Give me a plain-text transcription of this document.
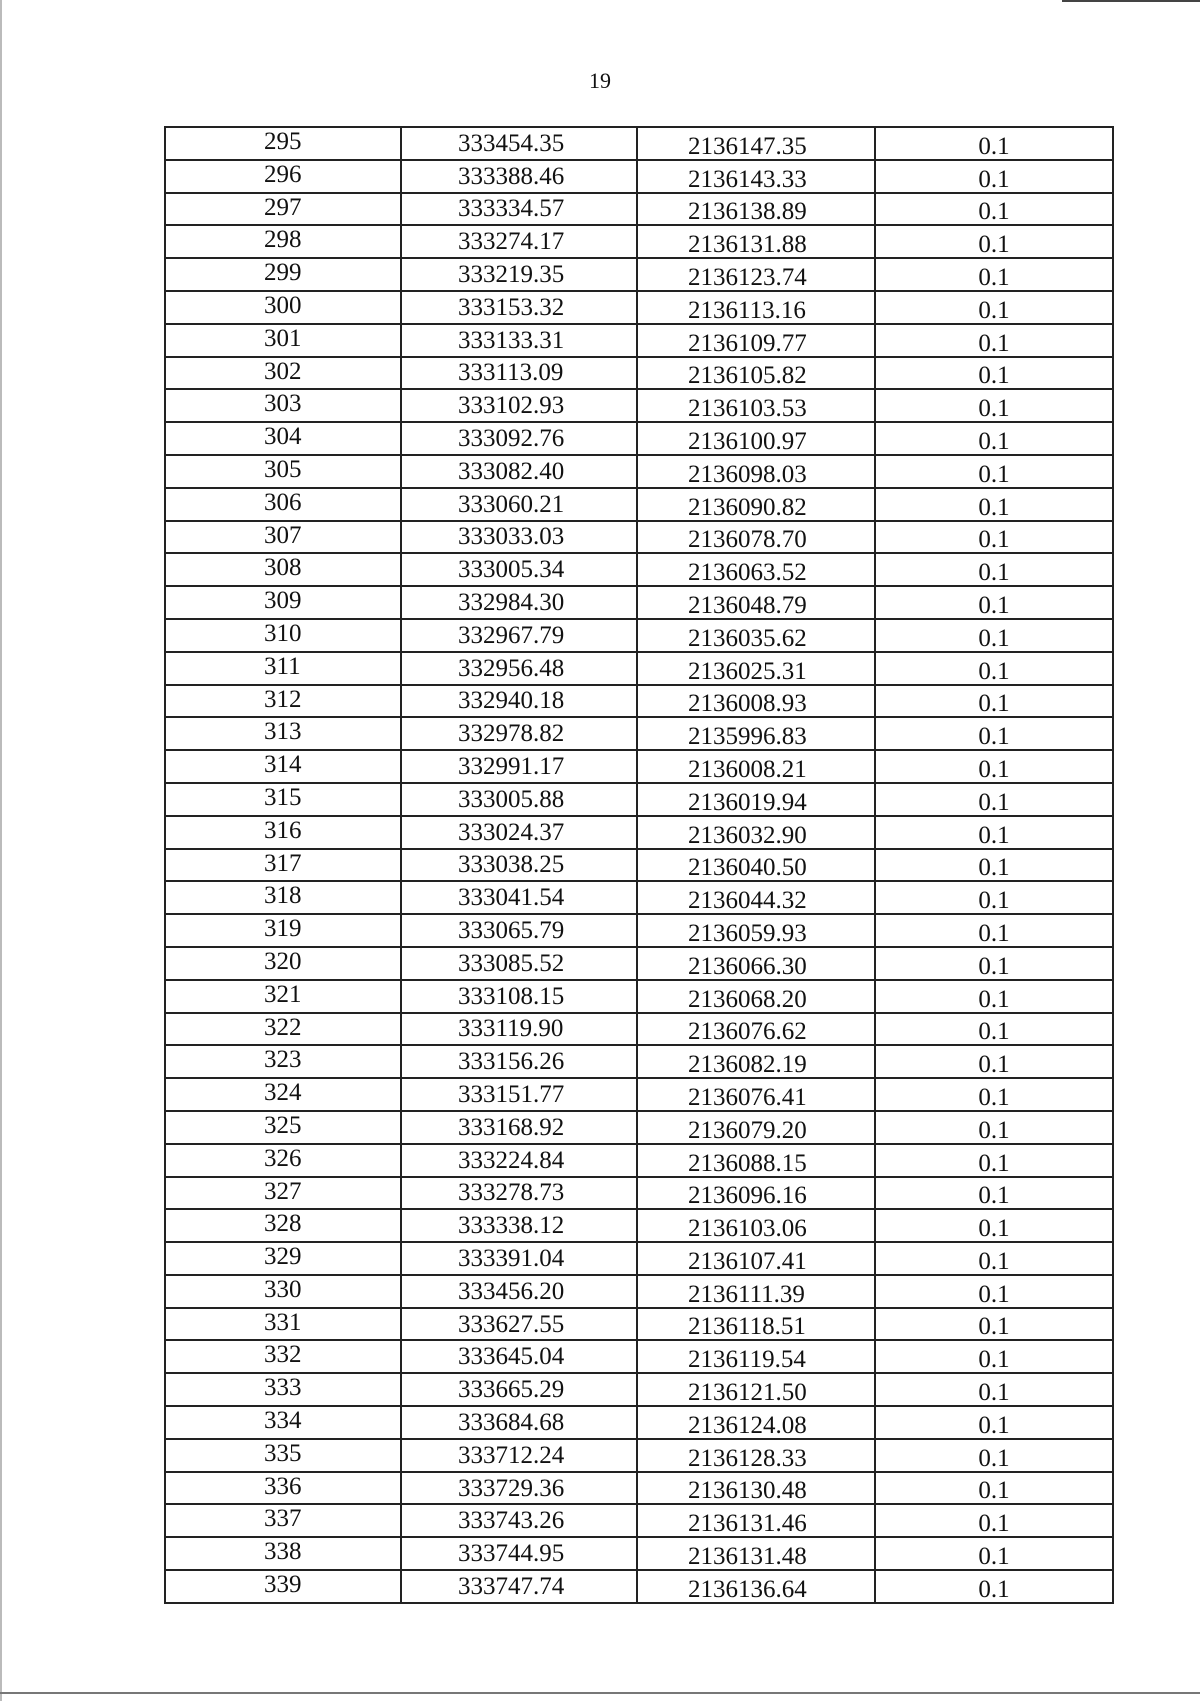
19
295	333454.35	2136147.35	0.1
296	333388.46	2136143.33	0.1
297	333334.57	2136138.89	0.1
298	333274.17	2136131.88	0.1
299	333219.35	2136123.74	0.1
300	333153.32	2136113.16	0.1
301	333133.31	2136109.77	0.1
302	333113.09	2136105.82	0.1
303	333102.93	2136103.53	0.1
304	333092.76	2136100.97	0.1
305	333082.40	2136098.03	0.1
306	333060.21	2136090.82	0.1
307	333033.03	2136078.70	0.1
308	333005.34	2136063.52	0.1
309	332984.30	2136048.79	0.1
310	332967.79	2136035.62	0.1
311	332956.48	2136025.31	0.1
312	332940.18	2136008.93	0.1
313	332978.82	2135996.83	0.1
314	332991.17	2136008.21	0.1
315	333005.88	2136019.94	0.1
316	333024.37	2136032.90	0.1
317	333038.25	2136040.50	0.1
318	333041.54	2136044.32	0.1
319	333065.79	2136059.93	0.1
320	333085.52	2136066.30	0.1
321	333108.15	2136068.20	0.1
322	333119.90	2136076.62	0.1
323	333156.26	2136082.19	0.1
324	333151.77	2136076.41	0.1
325	333168.92	2136079.20	0.1
326	333224.84	2136088.15	0.1
327	333278.73	2136096.16	0.1
328	333338.12	2136103.06	0.1
329	333391.04	2136107.41	0.1
330	333456.20	2136111.39	0.1
331	333627.55	2136118.51	0.1
332	333645.04	2136119.54	0.1
333	333665.29	2136121.50	0.1
334	333684.68	2136124.08	0.1
335	333712.24	2136128.33	0.1
336	333729.36	2136130.48	0.1
337	333743.26	2136131.46	0.1
338	333744.95	2136131.48	0.1
339	333747.74	2136136.64	0.1
